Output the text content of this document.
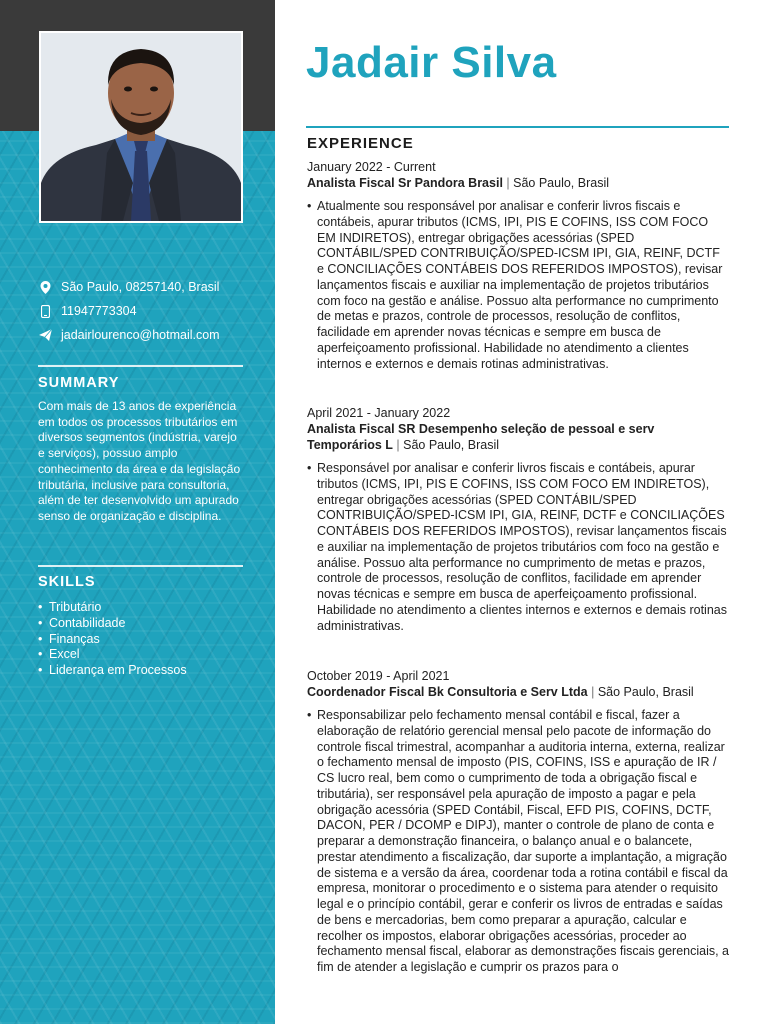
São Paulo, 08257140, Brasil
11947773304
jadairlourenco@hotmail.com
SUMMARY
Com mais de 13 anos de experiência em todos os processos tributários em diversos segmentos (indústria, varejo e serviços), possuo amplo conhecimento da área e da legislação tributária, inclusive para consultoria, além de ter desenvolvido um apurado senso de organização e disciplina.
SKILLS
• Tributário
• Contabilidade
• Finanças
• Excel
• Liderança em Processos
Jadair Silva
EXPERIENCE
January 2022 - Current
Analista Fiscal Sr Pandora Brasil | São Paulo, Brasil
• Atualmente sou responsável por analisar e conferir livros fiscais e contábeis, apurar tributos (ICMS, IPI, PIS E COFINS, ISS COM FOCO EM INDIRETOS), entregar obrigações acessórias (SPED CONTÁBIL/SPED CONTRIBUIÇÃO/SPED-ICSM IPI, GIA, REINF, DCTF e CONCILIAÇÕES CONTÁBEIS DOS REFERIDOS IMPOSTOS), revisar lançamentos fiscais e auxiliar na implementação de projetos tributários com foco na gestão e análise. Possuo alta performance no cumprimento de metas e prazos, controle de processos, resolução de conflitos, facilidade em aprender novas técnicas e sempre em busca de aperfeiçoamento profissional. Habilidade no atendimento a clientes internos e externos e demais rotinas administrativas.
April 2021 - January 2022
Analista Fiscal SR Desempenho seleção de pessoal e serv Temporários L | São Paulo, Brasil
• Responsável por analisar e conferir livros fiscais e contábeis, apurar tributos (ICMS, IPI, PIS E COFINS, ISS COM FOCO EM INDIRETOS), entregar obrigações acessórias (SPED CONTÁBIL/SPED CONTRIBUIÇÃO/SPED-ICSM IPI, GIA, REINF, DCTF e CONCILIAÇÕES CONTÁBEIS DOS REFERIDOS IMPOSTOS), revisar lançamentos fiscais e auxiliar na implementação de projetos tributários com foco na gestão e análise. Possuo alta performance no cumprimento de metas e prazos, controle de processos, resolução de conflitos, facilidade em aprender novas técnicas e sempre em busca de aperfeiçoamento profissional. Habilidade no atendimento a clientes internos e externos e demais rotinas administrativas.
October 2019 - April 2021
Coordenador Fiscal Bk Consultoria e Serv Ltda | São Paulo, Brasil
• Responsabilizar pelo fechamento mensal contábil e fiscal, fazer a elaboração de relatório gerencial mensal pelo pacote de informação do controle fiscal trimestral, acompanhar a auditoria interna, externa, realizar o fechamento mensal de imposto (PIS, COFINS, ISS e apuração de IR / CS lucro real, bem como o cumprimento de toda a obrigação fiscal e tributária), ser responsável pela apuração de imposto a pagar e pela obrigação acessória (SPED Contábil, Fiscal, EFD PIS, COFINS, DCTF, DACON, PER / DCOMP e DIPJ), manter o controle de plano de conta e preparar a demonstração financeira, o balanço anual e o balancete, prestar atendimento a fiscalização, dar suporte a implantação, a migração de sistema e a versão da área, coordenar toda a rotina contábil e fiscal da empresa, monitorar o procedimento e o sistema para atender o requisito legal e o princípio contábil, gerar e conferir os livros de entradas e saídas de bens e mercadorias, bem como preparar a apuração, calcular e recolher os impostos, elaborar obrigações acessórias, proceder ao fechamento mensal fiscal, elaborar as demonstrações fiscais gerenciais, a fim de atender a legislação e cumprir os prazos para o
